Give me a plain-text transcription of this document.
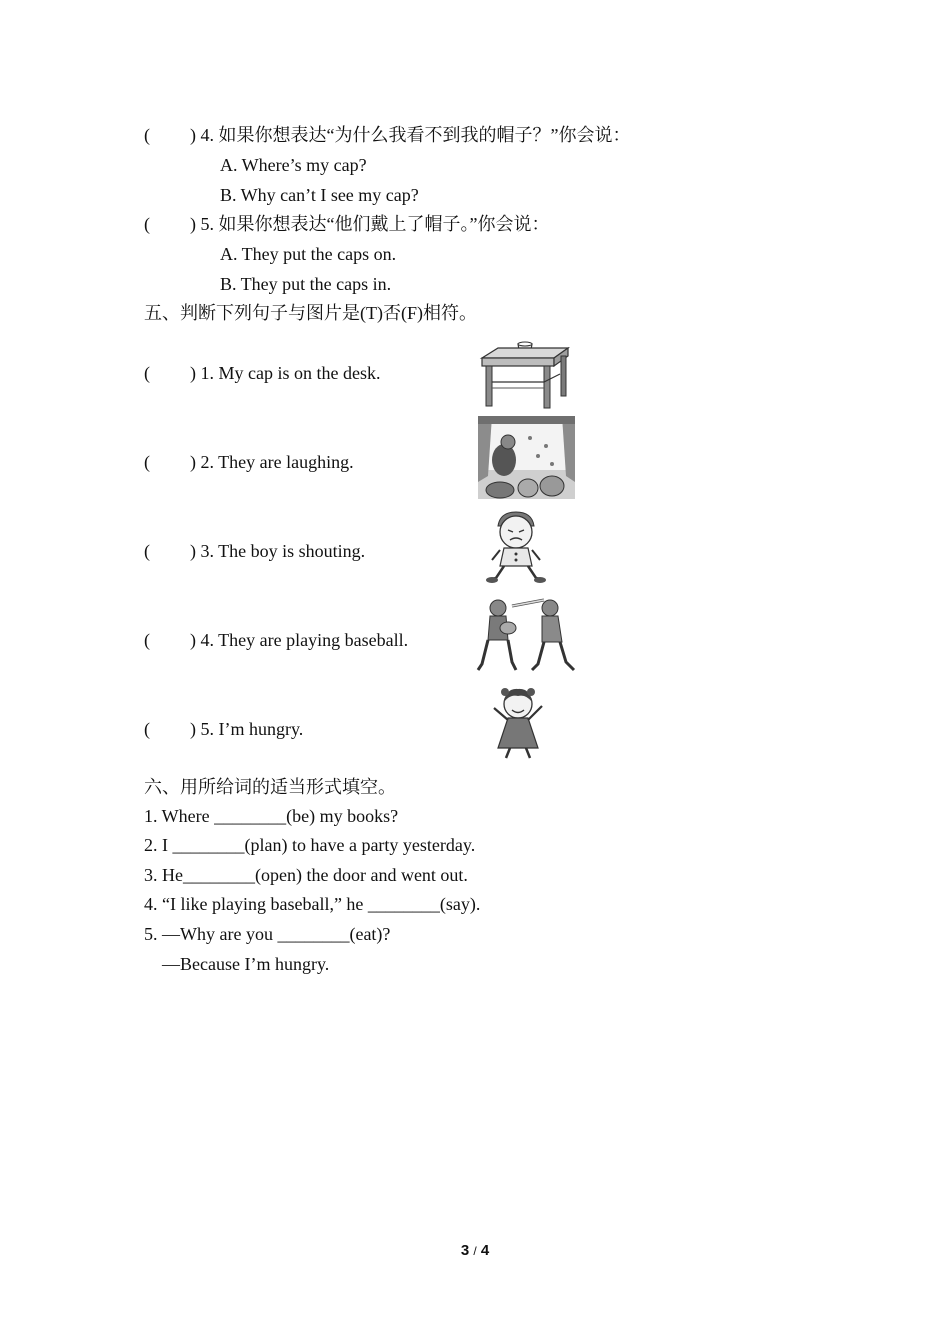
( ) 4. 如果你想表达“为什么我看不到我的帽子？”你会说：
A. Where’s my cap?
B. Why can’t I see my cap?
( ) 5. 如果你想表达“他们戴上了帽子。”你会说：
A. They put the caps on.
B. They put the caps in.
五、判断下列句子与图片是(T)否(F)相符。
( ) 1. My cap is on the desk.
( ) 2. They are laughing.
( ) 3. The boy is shouting.
( ) 4. They are playing baseball.
( ) 5. I’m hungry.
六、用所给词的适当形式填空。
1. Where ________(be) my books?
2. I ________(plan) to have a party yesterday.
3. He________(open) the door and went out.
4. “I like playing baseball,” he ________(say).
5. —Why are you ________(eat)?
—Because I’m hungry.
3 / 4
